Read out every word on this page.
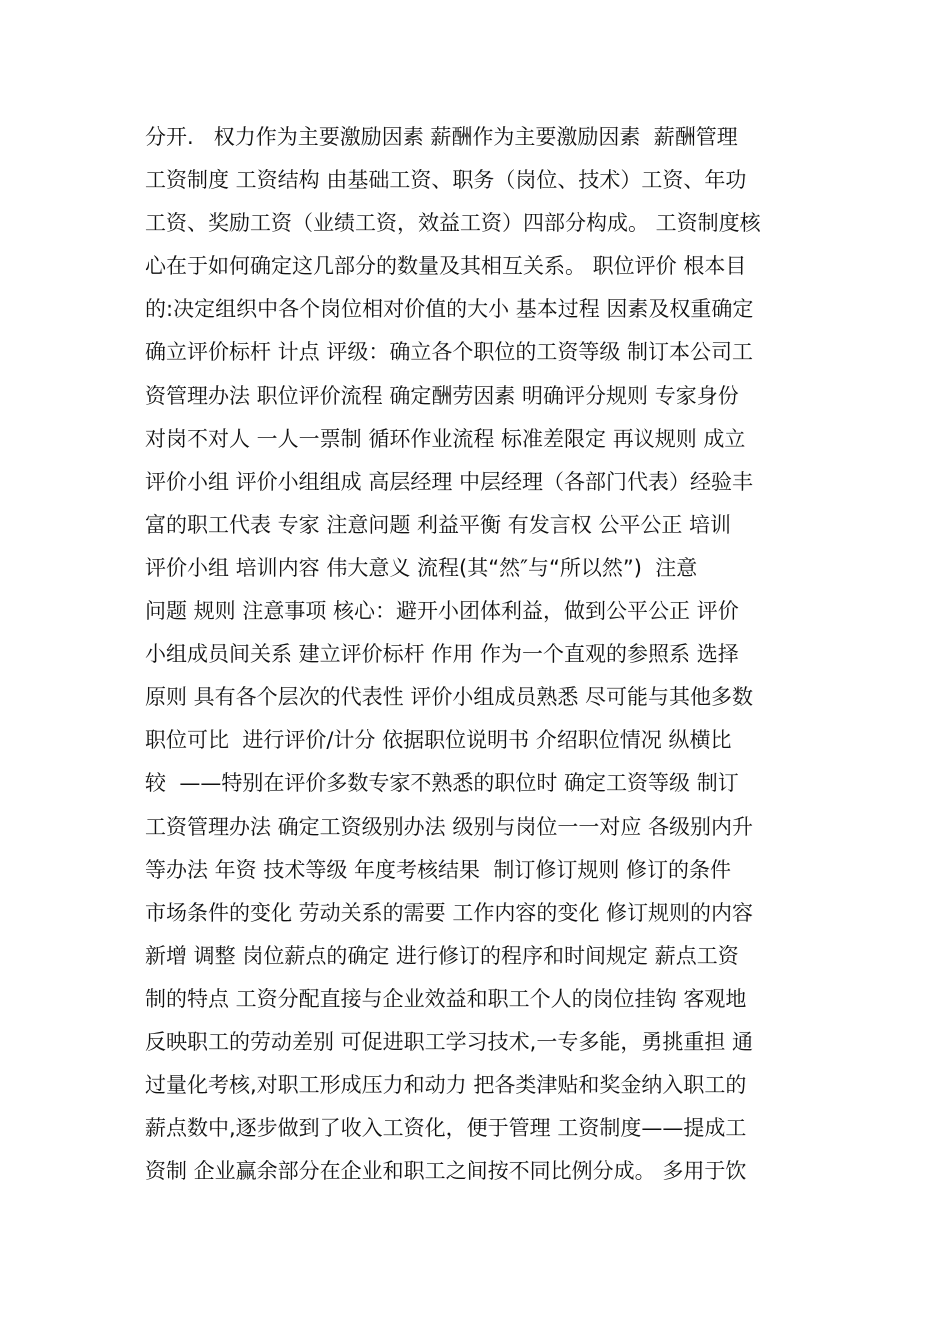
分开.   权力作为主要激励因素 薪酬作为主要激励因素  薪酬管理
工资制度 工资结构 由基础工资、职务（岗位、技术）工资、年功
工资、奖励工资（业绩工资，效益工资）四部分构成。 工资制度核
心在于如何确定这几部分的数量及其相互关系。 职位评价 根本目
的:决定组织中各个岗位相对价值的大小 基本过程 因素及权重确定
确立评价标杆 计点 评级：确立各个职位的工资等级 制订本公司工
资管理办法 职位评价流程 确定酬劳因素 明确评分规则 专家身份
对岗不对人 一人一票制 循环作业流程 标准差限定 再议规则 成立
评价小组 评价小组组成 高层经理 中层经理（各部门代表）经验丰
富的职工代表 专家 注意问题 利益平衡 有发言权 公平公正 培训
评价小组 培训内容 伟大意义 流程(其“然″与“所以然”)  注意
问题 规则 注意事项 核心：避开小团体利益，做到公平公正 评价
小组成员间关系 建立评价标杆 作用 作为一个直观的参照系 选择
原则 具有各个层次的代表性 评价小组成员熟悉 尽可能与其他多数
职位可比  进行评价/计分 依据职位说明书 介绍职位情况 纵横比
较  ——特别在评价多数专家不熟悉的职位时 确定工资等级 制订
工资管理办法 确定工资级别办法 级别与岗位一一对应 各级别内升
等办法 年资 技术等级 年度考核结果  制订修订规则 修订的条件
市场条件的变化 劳动关系的需要 工作内容的变化 修订规则的内容
新增 调整 岗位薪点的确定 进行修订的程序和时间规定 薪点工资
制的特点 工资分配直接与企业效益和职工个人的岗位挂钩 客观地
反映职工的劳动差别 可促进职工学习技术,一专多能，勇挑重担 通
过量化考核,对职工形成压力和动力 把各类津贴和奖金纳入职工的
薪点数中,逐步做到了收入工资化，便于管理 工资制度——提成工
资制 企业赢余部分在企业和职工之间按不同比例分成。 多用于饮
